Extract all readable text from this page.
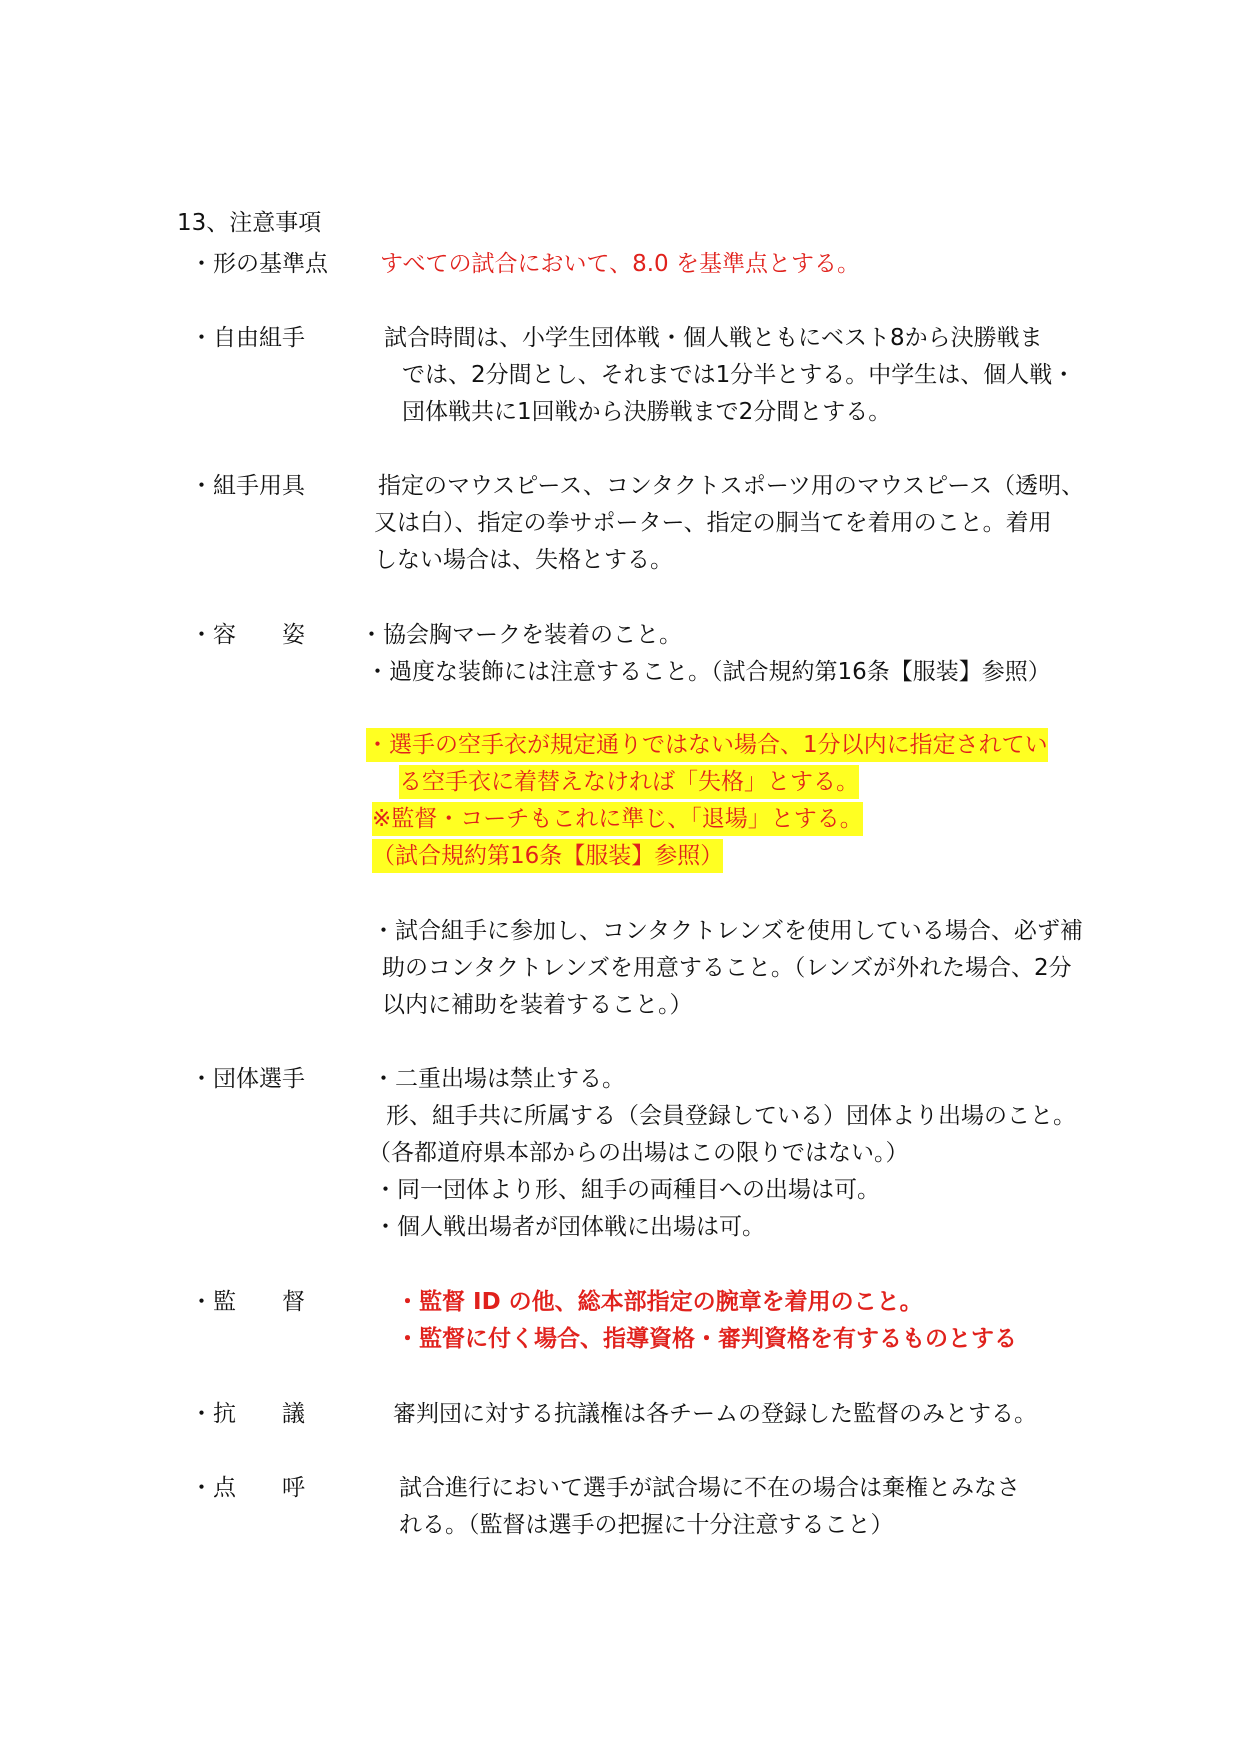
13、注意事項
・形の基準点 すべての試合において、8.0 を基準点とする。
・自由組手	試合時間は、小学生団体戦・個人戦ともにベスト8から決勝戦ま
では、2分間とし、それまでは1分半とする。中学生は、個人戦・
団体戦共に1回戦から決勝戦まで2分間とする。
・組手用具	指定のマウスピース、コンタクトスポーツ用のマウスピース（透明、
又は白）、指定の拳サポーター、指定の胴当てを着用のこと。着用
しない場合は、失格とする。
・容　　姿 ・協会胸マークを装着のこと。
・過度な装飾には注意すること。（試合規約第16条【服装】参照）
・選手の空手衣が規定通りではない場合、1分以内に指定されてい
る空手衣に着替えなければ「失格」とする。
※監督・コーチもこれに準じ、「退場」とする。
（試合規約第16条【服装】参照）
・試合組手に参加し、コンタクトレンズを使用している場合、必ず補
助のコンタクトレンズを用意すること。（レンズが外れた場合、2分
以内に補助を装着すること。）
・団体選手	・二重出場は禁止する。
形、組手共に所属する（会員登録している）団体より出場のこと。
（各都道府県本部からの出場はこの限りではない。）
・同一団体より形、組手の両種目への出場は可。
・個人戦出場者が団体戦に出場は可。
・監　　督	・監督 ID の他、総本部指定の腕章を着用のこと。
・監督に付く場合、指導資格・審判資格を有するものとする
・抗　　議	審判団に対する抗議権は各チームの登録した監督のみとする。
・点　　呼	試合進行において選手が試合場に不在の場合は棄権とみなさ
れる。（監督は選手の把握に十分注意すること）
